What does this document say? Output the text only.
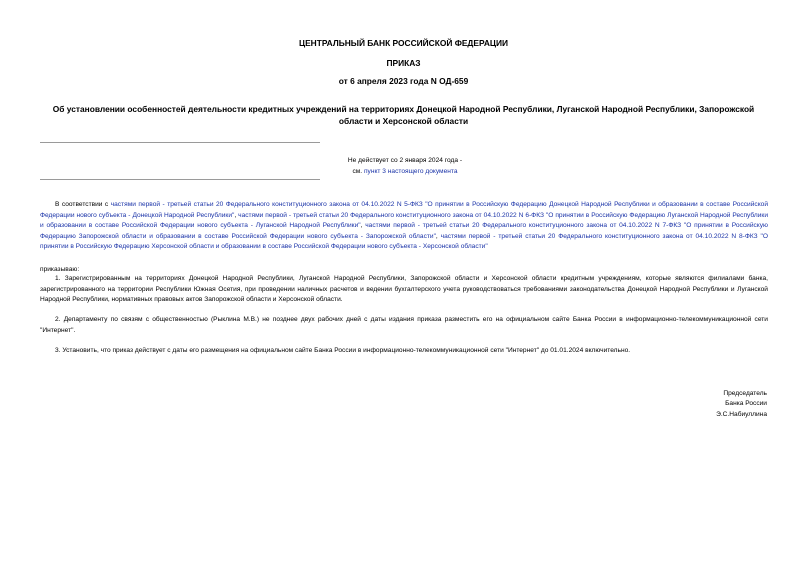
ЦЕНТРАЛЬНЫЙ БАНК РОССИЙСКОЙ ФЕДЕРАЦИИ
ПРИКАЗ
от 6 апреля 2023 года N ОД-659
Об установлении особенностей деятельности кредитных учреждений на территориях Донецкой Народной Республики, Луганской Народной Республики, Запорожской области и Херсонской области
Не действует со 2 января 2024 года -
см. пункт 3 настоящего документа
В соответствии с частями первой - третьей статьи 20 Федерального конституционного закона от 04.10.2022 N 5-ФКЗ "О принятии в Российскую Федерацию Донецкой Народной Республики и образовании в составе Российской Федерации нового субъекта - Донецкой Народной Республики", частями первой - третьей статьи 20 Федерального конституционного закона от 04.10.2022 N 6-ФКЗ "О принятии в Российскую Федерацию Луганской Народной Республики и образовании в составе Российской Федерации нового субъекта - Луганской Народной Республики", частями первой - третьей статьи 20 Федерального конституционного закона от 04.10.2022 N 7-ФКЗ "О принятии в Российскую Федерацию Запорожской области и образовании в составе Российской Федерации нового субъекта - Запорожской области", частями первой - третьей статьи 20 Федерального конституционного закона от 04.10.2022 N 8-ФКЗ "О принятии в Российскую Федерацию Херсонской области и образовании в составе Российской Федерации нового субъекта - Херсонской области"
приказываю:
1. Зарегистрированным на территориях Донецкой Народной Республики, Луганской Народной Республики, Запорожской области и Херсонской области кредитным учреждениям, которые являются филиалами банка, зарегистрированного на территории Республики Южная Осетия, при проведении наличных расчетов и ведении бухгалтерского учета руководствоваться требованиями законодательства Донецкой Народной Республики и Луганской Народной Республики, нормативных правовых актов Запорожской области и Херсонской области.
2. Департаменту по связям с общественностью (Рыклина М.В.) не позднее двух рабочих дней с даты издания приказа разместить его на официальном сайте Банка России в информационно-телекоммуникационной сети "Интернет".
3. Установить, что приказ действует с даты его размещения на официальном сайте Банка России в информационно-телекоммуникационной сети "Интернет" до 01.01.2024 включительно.
Председатель
Банка России
Э.С.Набиуллина
